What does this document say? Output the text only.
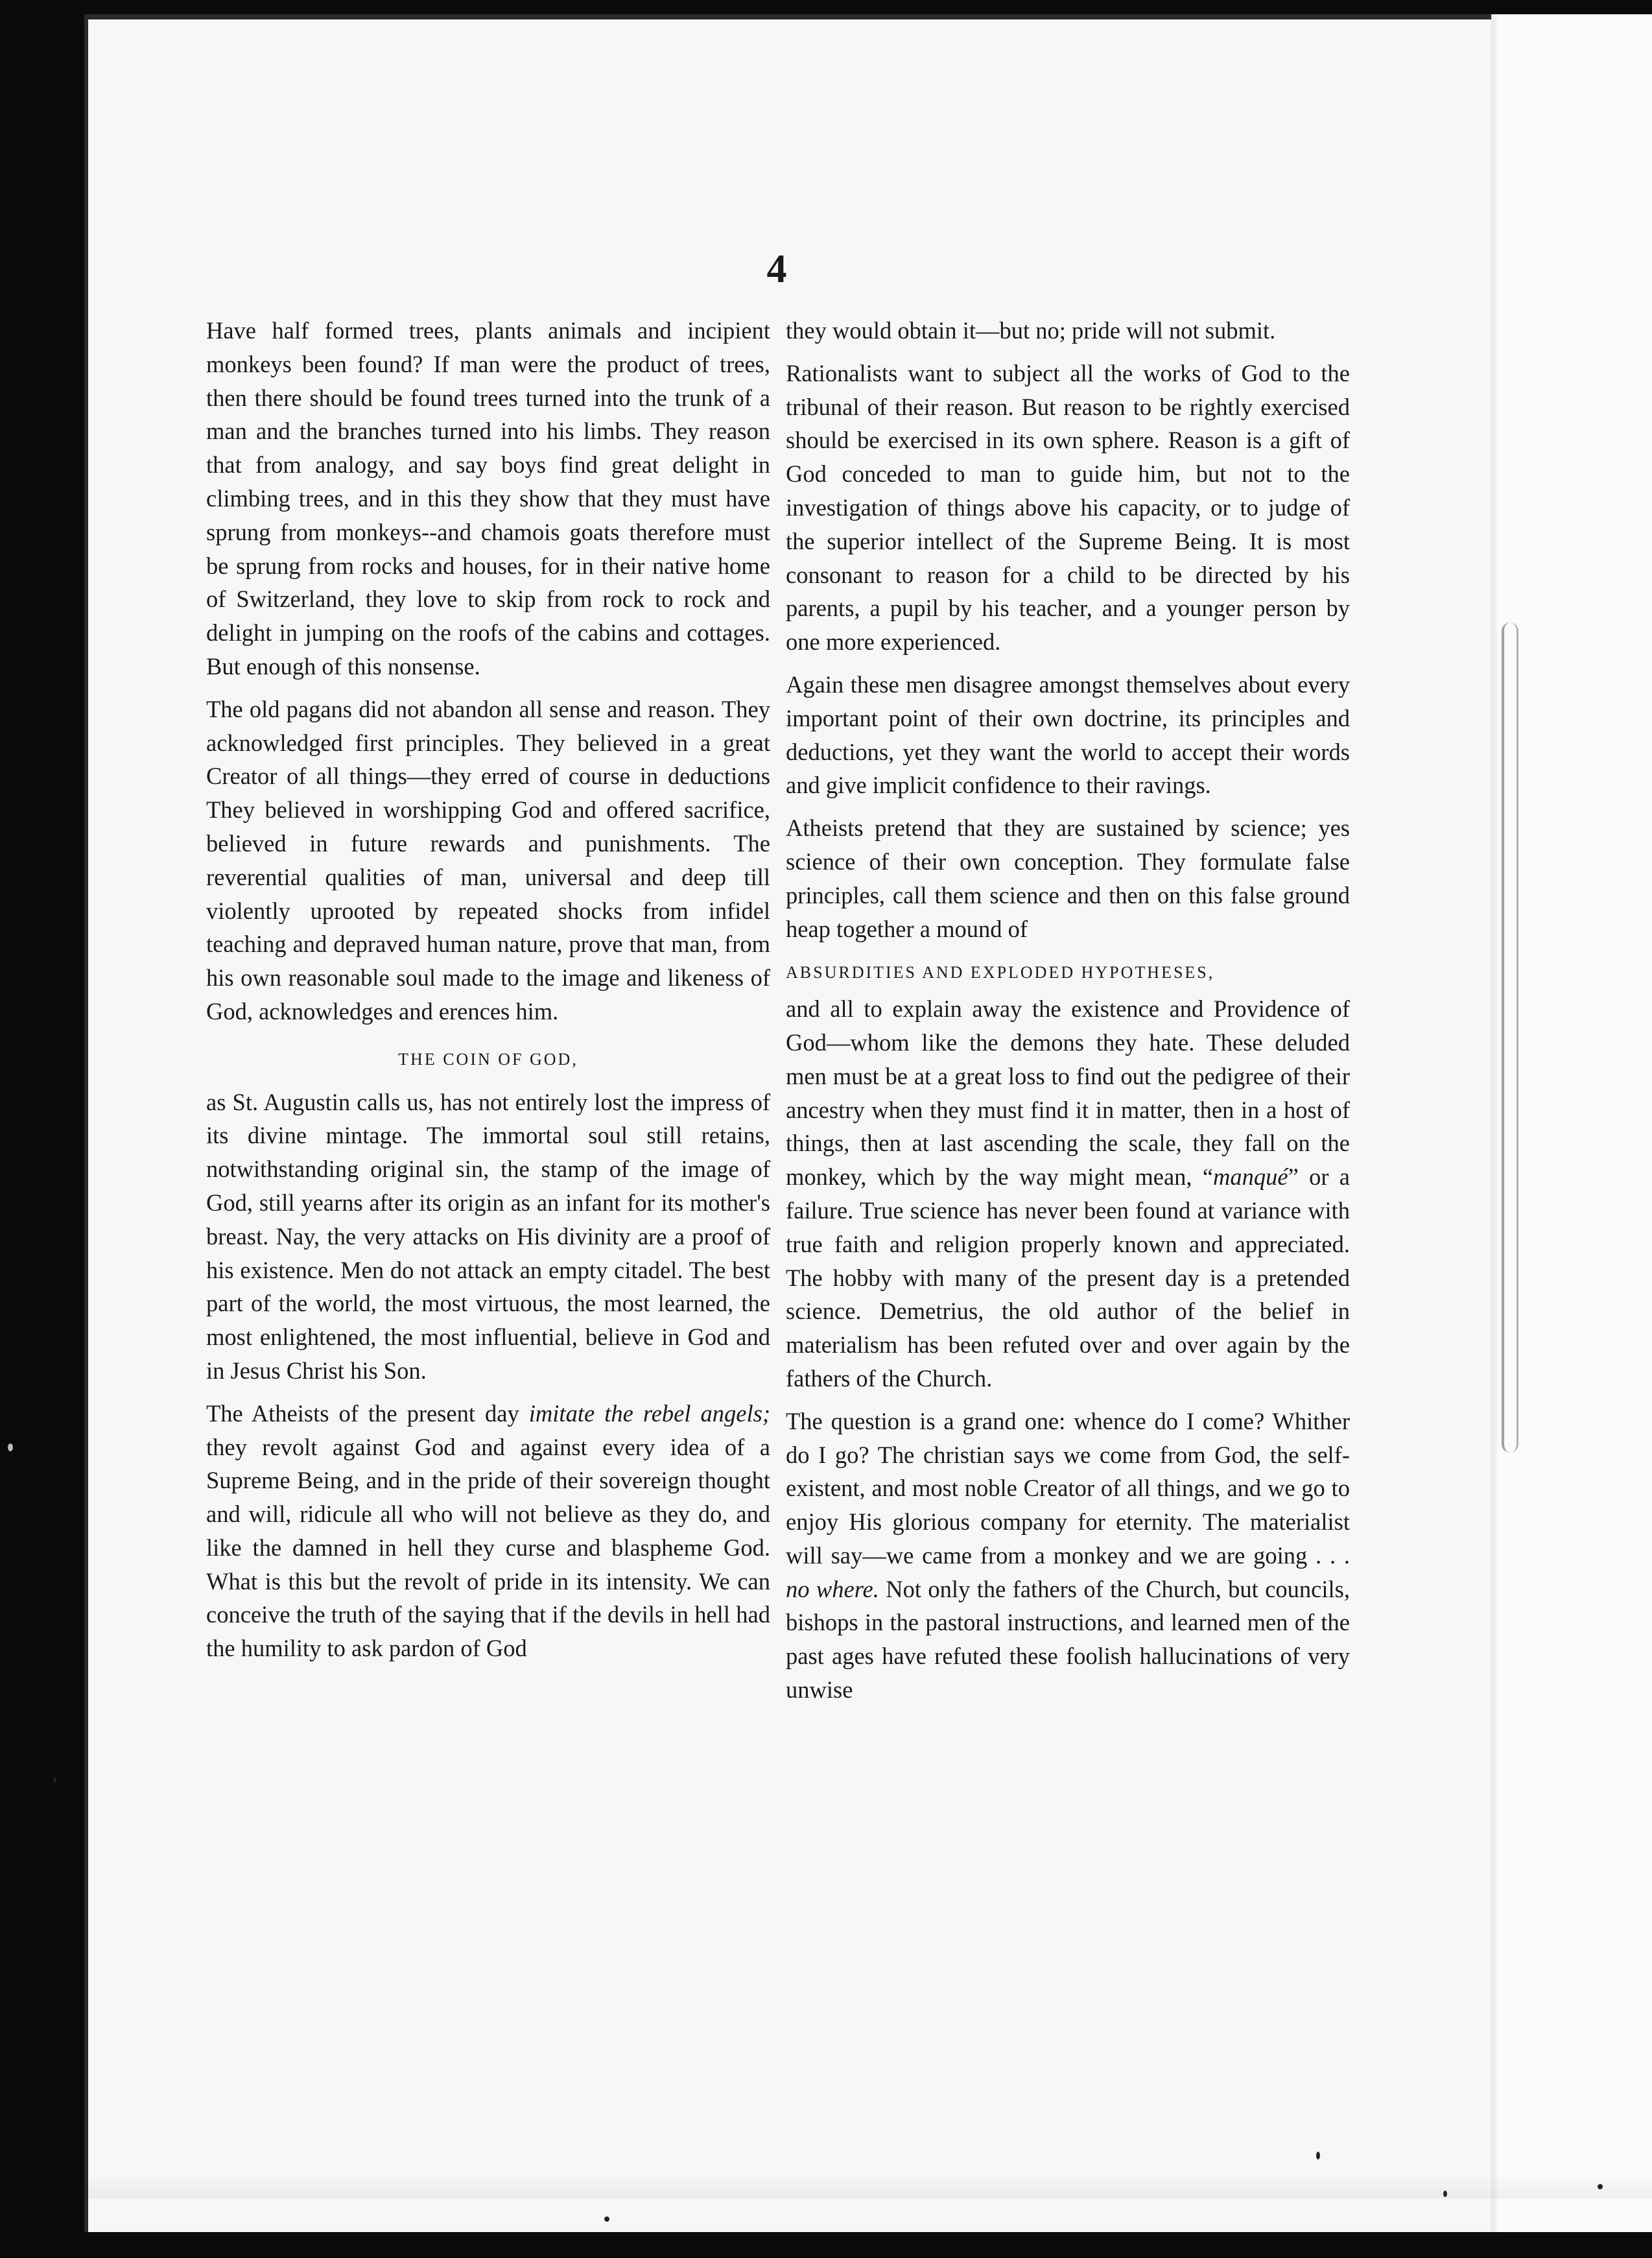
4

Have half formed trees, plants animals and incipient monkeys been found? If man were the product of trees, then there should be found trees turned into the trunk of a man and the branches turned into his limbs. They reason that from analogy, and say boys find great delight in climbing trees, and in this they show that they must have sprung from monkeys--and chamois goats therefore must be sprung from rocks and houses, for in their native home of Switzerland, they love to skip from rock to rock and delight in jumping on the roofs of the cabins and cottages. But enough of this nonsense.

The old pagans did not abandon all sense and reason. They acknowledged first principles. They believed in a great Creator of all things—they erred of course in deductions They believed in worshipping God and offered sacrifice, believed in future rewards and punishments. The reverential qualities of man, universal and deep till violently uprooted by repeated shocks from infidel teaching and depraved human nature, prove that man, from his own reasonable soul made to the image and likeness of God, acknowledges and erences him.

THE COIN OF GOD,

as St. Augustin calls us, has not entirely lost the impress of its divine mintage. The immortal soul still retains, notwithstanding original sin, the stamp of the image of God, still yearns after its origin as an infant for its mother's breast. Nay, the very attacks on His divinity are a proof of his existence. Men do not attack an empty citadel. The best part of the world, the most virtuous, the most learned, the most enlightened, the most influential, believe in God and in Jesus Christ his Son.

The Atheists of the present day imitate the rebel angels; they revolt against God and against every idea of a Supreme Being, and in the pride of their sovereign thought and will, ridicule all who will not believe as they do, and like the damned in hell they curse and blaspheme God. What is this but the revolt of pride in its intensity. We can conceive the truth of the saying that if the devils in hell had the humility to ask pardon of God

they would obtain it—but no; pride will not submit.

Rationalists want to subject all the works of God to the tribunal of their reason. But reason to be rightly exercised should be exercised in its own sphere. Reason is a gift of God conceded to man to guide him, but not to the investigation of things above his capacity, or to judge of the superior intellect of the Supreme Being. It is most consonant to reason for a child to be directed by his parents, a pupil by his teacher, and a younger person by one more experienced.

Again these men disagree amongst themselves about every important point of their own doctrine, its principles and deductions, yet they want the world to accept their words and give implicit confidence to their ravings.

Atheists pretend that they are sustained by science; yes science of their own conception. They formulate false principles, call them science and then on this false ground heap together a mound of

ABSURDITIES AND EXPLODED HYPOTHESES,

and all to explain away the existence and Providence of God—whom like the demons they hate. These deluded men must be at a great loss to find out the pedigree of their ancestry when they must find it in matter, then in a host of things, then at last ascending the scale, they fall on the monkey, which by the way might mean, “manqué” or a failure. True science has never been found at variance with true faith and religion properly known and appreciated. The hobby with many of the present day is a pretended science. Demetrius, the old author of the belief in materialism has been refuted over and over again by the fathers of the Church.

The question is a grand one: whence do I come? Whither do I go? The christian says we come from God, the self-existent, and most noble Creator of all things, and we go to enjoy His glorious company for eternity. The materialist will say—we came from a monkey and we are going . . . no where. Not only the fathers of the Church, but councils, bishops in the pastoral instructions, and learned men of the past ages have refuted these foolish hallucinations of very unwise
